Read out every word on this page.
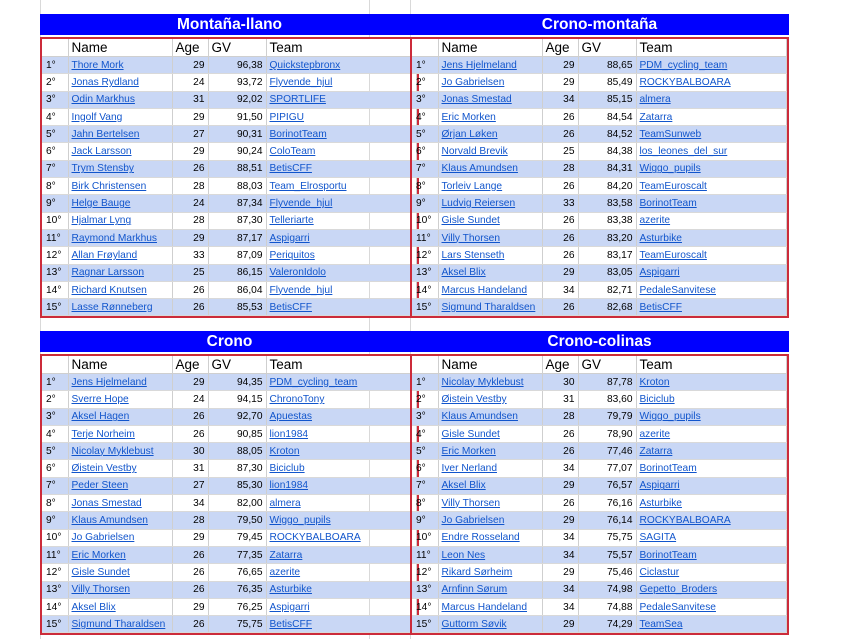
Montaña-llano
	Name	Age	GV	Team
1°	Thore Mork	29	96,38	Quickstepbronx
2°	Jonas Rydland	24	93,72	Flyvende_hjul
3°	Odin Markhus	31	92,02	SPORTLIFE
4°	Ingolf Vang	29	91,50	PIPIGU
5°	Jahn Bertelsen	27	90,31	BorinotTeam
6°	Jack Larsson	29	90,24	ColoTeam
7°	Trym Stensby	26	88,51	BetisCFF
8°	Birk Christensen	28	88,03	Team_Elrosportu
9°	Helge Bauge	24	87,34	Flyvende_hjul
10°	Hjalmar Lyng	28	87,30	Telleriarte
11°	Raymond Markhus	29	87,17	Aspigarri
12°	Allan Frøyland	33	87,09	Periquitos
13°	Ragnar Larsson	25	86,15	ValeronIdolo
14°	Richard Knutsen	26	86,04	Flyvende_hjul
15°	Lasse Rønneberg	26	85,53	BetisCFF
Crono-montaña
	Name	Age	GV	Team
1°	Jens Hjelmeland	29	88,65	PDM_cycling_team
2°	Jo Gabrielsen	29	85,49	ROCKYBALBOARA
3°	Jonas Smestad	34	85,15	almera
4°	Eric Morken	26	84,54	Zatarra
5°	Ørjan Løken	26	84,52	TeamSunweb
6°	Norvald Brevik	25	84,38	los_leones_del_sur
7°	Klaus Amundsen	28	84,31	Wiggo_pupils
8°	Torleiv Lange	26	84,20	TeamEuroscalt
9°	Ludvig Reiersen	33	83,58	BorinotTeam
10°	Gisle Sundet	26	83,38	azerite
11°	Villy Thorsen	26	83,20	Asturbike
12°	Lars Stenseth	26	83,17	TeamEuroscalt
13°	Aksel Blix	29	83,05	Aspigarri
14°	Marcus Handeland	34	82,71	PedaleSanvitese
15°	Sigmund Tharaldsen	26	82,68	BetisCFF
Crono
	Name	Age	GV	Team
1°	Jens Hjelmeland	29	94,35	PDM_cycling_team
2°	Sverre Hope	24	94,15	ChronoTony
3°	Aksel Hagen	26	92,70	Apuestas
4°	Terje Norheim	26	90,85	lion1984
5°	Nicolay Myklebust	30	88,05	Kroton
6°	Øistein Vestby	31	87,30	Biciclub
7°	Peder Steen	27	85,30	lion1984
8°	Jonas Smestad	34	82,00	almera
9°	Klaus Amundsen	28	79,50	Wiggo_pupils
10°	Jo Gabrielsen	29	79,45	ROCKYBALBOARA
11°	Eric Morken	26	77,35	Zatarra
12°	Gisle Sundet	26	76,65	azerite
13°	Villy Thorsen	26	76,35	Asturbike
14°	Aksel Blix	29	76,25	Aspigarri
15°	Sigmund Tharaldsen	26	75,75	BetisCFF
Crono-colinas
	Name	Age	GV	Team
1°	Nicolay Myklebust	30	87,78	Kroton
2°	Øistein Vestby	31	83,60	Biciclub
3°	Klaus Amundsen	28	79,79	Wiggo_pupils
4°	Gisle Sundet	26	78,90	azerite
5°	Eric Morken	26	77,46	Zatarra
6°	Iver Nerland	34	77,07	BorinotTeam
7°	Aksel Blix	29	76,57	Aspigarri
8°	Villy Thorsen	26	76,16	Asturbike
9°	Jo Gabrielsen	29	76,14	ROCKYBALBOARA
10°	Endre Rosseland	34	75,75	SAGITA
11°	Leon Nes	34	75,57	BorinotTeam
12°	Rikard Sørheim	29	75,46	Ciclastur
13°	Arnfinn Sørum	34	74,98	Gepetto_Broders
14°	Marcus Handeland	34	74,88	PedaleSanvitese
15°	Guttorm Søvik	29	74,29	TeamSea
